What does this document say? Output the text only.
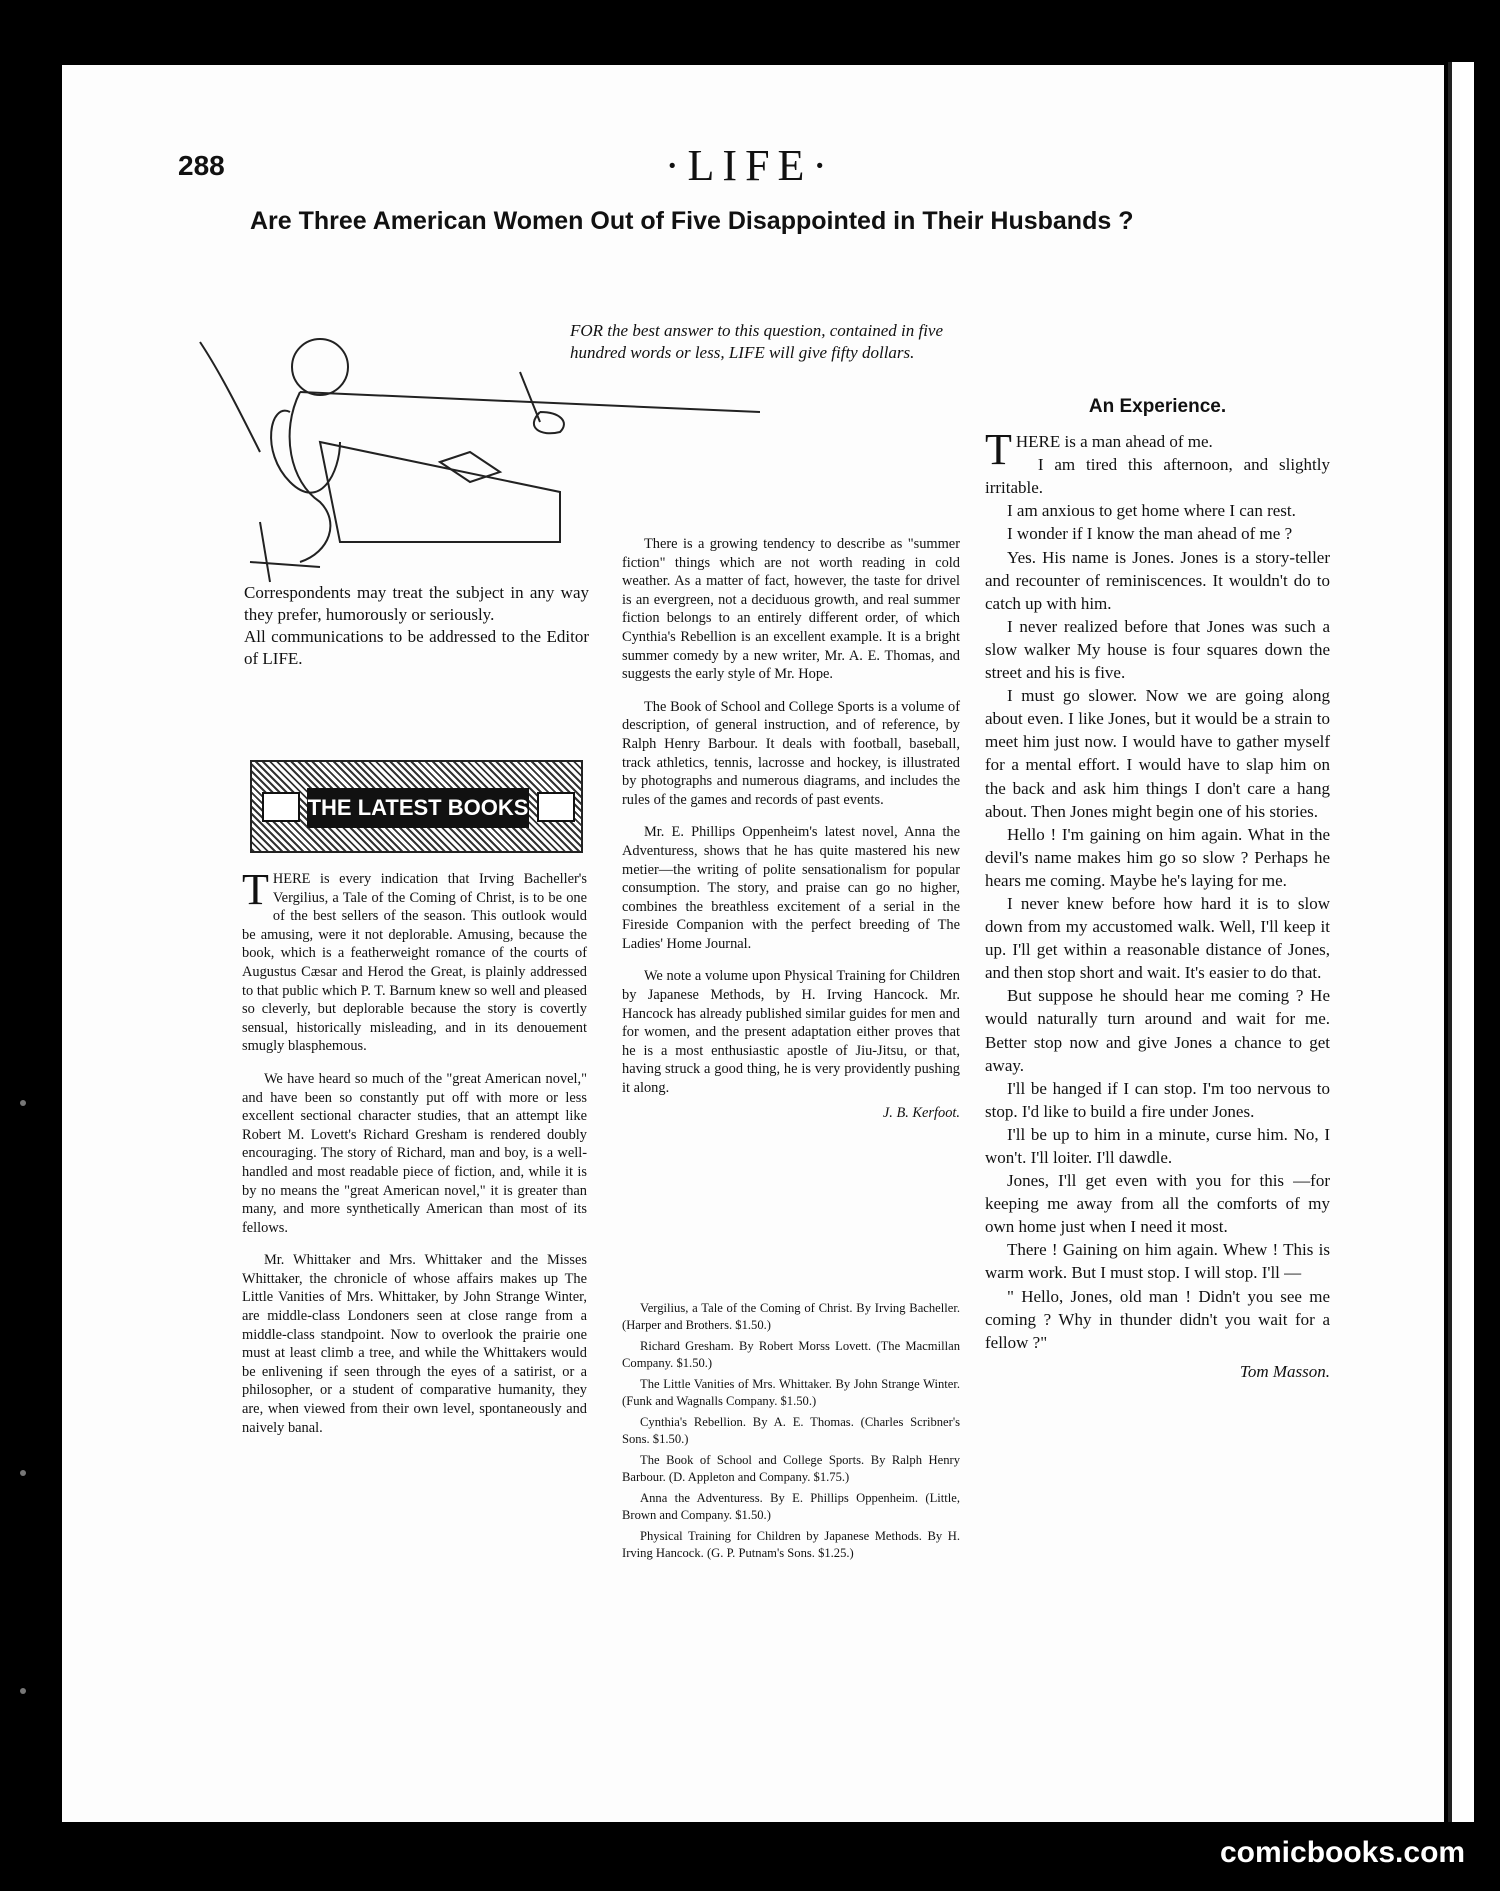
288	·LIFE·
Are Three American Women Out of Five Disappointed in Their Husbands ?
FOR the best answer to this question, contained in five hundred words or less, LIFE will give fifty dollars.

Correspondents may treat the subject in any way they prefer, humorously or seriously.

All communications to be addressed to the Editor of LIFE.

THE LATEST BOOKS

THERE is every indication that Irving Bacheller's Vergilius, a Tale of the Coming of Christ, is to be one of the best sellers of the season. This outlook would be amusing, were it not deplorable. Amusing, because the book, which is a featherweight romance of the courts of Augustus Cæsar and Herod the Great, is plainly addressed to that public which P. T. Barnum knew so well and pleased so cleverly, but deplorable because the story is covertly sensual, historically misleading, and in its denouement smugly blasphemous.

We have heard so much of the "great American novel," and have been so constantly put off with more or less excellent sectional character studies, that an attempt like Robert M. Lovett's Richard Gresham is rendered doubly encouraging. The story of Richard, man and boy, is a well-handled and most readable piece of fiction, and, while it is by no means the "great American novel," it is greater than many, and more synthetically American than most of its fellows.

Mr. Whittaker and Mrs. Whittaker and the Misses Whittaker, the chronicle of whose affairs makes up The Little Vanities of Mrs. Whittaker, by John Strange Winter, are middle-class Londoners seen at close range from a middle-class standpoint. Now to overlook the prairie one must at least climb a tree, and while the Whittakers would be enlivening if seen through the eyes of a satirist, or a philosopher, or a student of comparative humanity, they are, when viewed from their own level, spontaneously and naively banal.

There is a growing tendency to describe as "summer fiction" things which are not worth reading in cold weather. As a matter of fact, however, the taste for drivel is an evergreen, not a deciduous growth, and real summer fiction belongs to an entirely different order, of which Cynthia's Rebellion is an excellent example. It is a bright summer comedy by a new writer, Mr. A. E. Thomas, and suggests the early style of Mr. Hope.

The Book of School and College Sports is a volume of description, of general instruction, and of reference, by Ralph Henry Barbour. It deals with football, baseball, track athletics, tennis, lacrosse and hockey, is illustrated by photographs and numerous diagrams, and includes the rules of the games and records of past events.

Mr. E. Phillips Oppenheim's latest novel, Anna the Adventuress, shows that he has quite mastered his new metier—the writing of polite sensationalism for popular consumption. The story, and praise can go no higher, combines the breathless excitement of a serial in the Fireside Companion with the perfect breeding of The Ladies' Home Journal.

We note a volume upon Physical Training for Children by Japanese Methods, by H. Irving Hancock. Mr. Hancock has already published similar guides for men and for women, and the present adaptation either proves that he is a most enthusiastic apostle of Jiu-Jitsu, or that, having struck a good thing, he is very providently pushing it along.

J. B. Kerfoot.

Vergilius, a Tale of the Coming of Christ. By Irving Bacheller. (Harper and Brothers. $1.50.)

Richard Gresham. By Robert Morss Lovett. (The Macmillan Company. $1.50.)

The Little Vanities of Mrs. Whittaker. By John Strange Winter. (Funk and Wagnalls Company. $1.50.)

Cynthia's Rebellion. By A. E. Thomas. (Charles Scribner's Sons. $1.50.)

The Book of School and College Sports. By Ralph Henry Barbour. (D. Appleton and Company. $1.75.)

Anna the Adventuress. By E. Phillips Oppenheim. (Little, Brown and Company. $1.50.)

Physical Training for Children by Japanese Methods. By H. Irving Hancock. (G. P. Putnam's Sons. $1.25.)

An Experience.

THERE is a man ahead of me.

I am tired this afternoon, and slightly irritable.

I am anxious to get home where I can rest.

I wonder if I know the man ahead of me ?

Yes. His name is Jones. Jones is a story-teller and recounter of reminiscences. It wouldn't do to catch up with him.

I never realized before that Jones was such a slow walker My house is four squares down the street and his is five.

I must go slower. Now we are going along about even. I like Jones, but it would be a strain to meet him just now. I would have to gather myself for a mental effort. I would have to slap him on the back and ask him things I don't care a hang about. Then Jones might begin one of his stories.

Hello ! I'm gaining on him again. What in the devil's name makes him go so slow ? Perhaps he hears me coming. Maybe he's laying for me.

I never knew before how hard it is to slow down from my accustomed walk. Well, I'll keep it up. I'll get within a reasonable distance of Jones, and then stop short and wait. It's easier to do that.

But suppose he should hear me coming ? He would naturally turn around and wait for me. Better stop now and give Jones a chance to get away.

I'll be hanged if I can stop. I'm too nervous to stop. I'd like to build a fire under Jones.

I'll be up to him in a minute, curse him. No, I won't. I'll loiter. I'll dawdle.

Jones, I'll get even with you for this —for keeping me away from all the comforts of my own home just when I need it most.

There ! Gaining on him again. Whew ! This is warm work. But I must stop. I will stop. I'll —

" Hello, Jones, old man ! Didn't you see me coming ? Why in thunder didn't you wait for a fellow ?"

Tom Masson.

comicbooks.com
